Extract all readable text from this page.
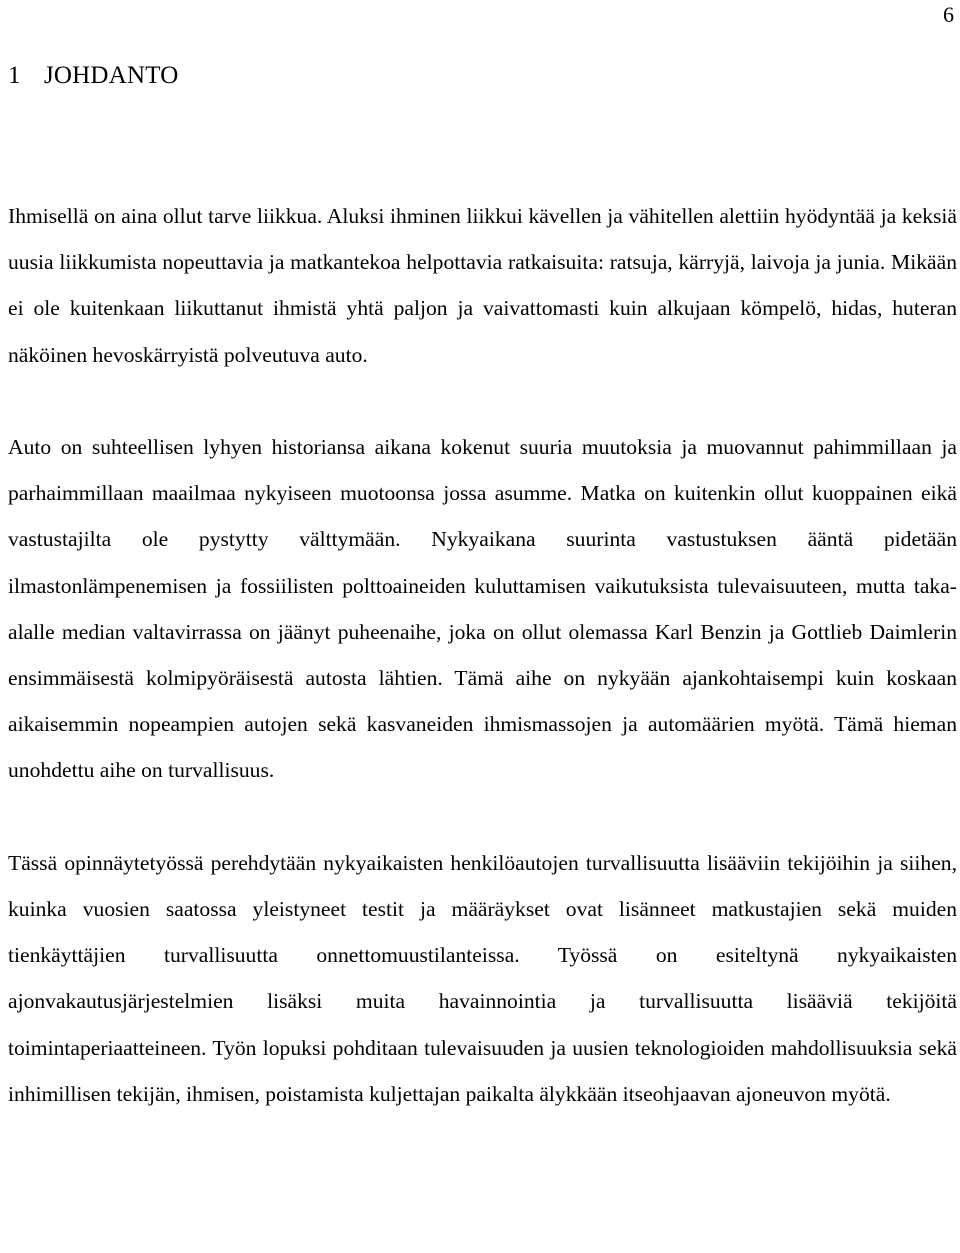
6
1 JOHDANTO

Ihmisellä on aina ollut tarve liikkua. Aluksi ihminen liikkui kävellen ja vähitellen alettiin hyödyntää ja keksiä uusia liikkumista nopeuttavia ja matkantekoa helpottavia ratkaisuita: ratsuja, kärryjä, laivoja ja junia. Mikään ei ole kuitenkaan liikuttanut ihmistä yhtä paljon ja vaivattomasti kuin alkujaan kömpelö, hidas, huteran näköinen hevoskärryistä polveutuva auto.

Auto on suhteellisen lyhyen historiansa aikana kokenut suuria muutoksia ja muovannut pahimmillaan ja parhaimmillaan maailmaa nykyiseen muotoonsa jossa asumme. Matka on kuitenkin ollut kuoppainen eikä vastustajilta ole pystytty välttymään. Nykyaikana suurinta vastustuksen ääntä pidetään ilmastonlämpenemisen ja fossiilisten polttoaineiden kuluttamisen vaikutuksista tulevaisuuteen, mutta taka-alalle median valtavirrassa on jäänyt puheenaihe, joka on ollut olemassa Karl Benzin ja Gottlieb Daimlerin ensimmäisestä kolmipyöräisestä autosta lähtien. Tämä aihe on nykyään ajankohtaisempi kuin koskaan aikaisemmin nopeampien autojen sekä kasvaneiden ihmismassojen ja automäärien myötä. Tämä hieman unohdettu aihe on turvallisuus.

Tässä opinnäytetyössä perehdytään nykyaikaisten henkilöautojen turvallisuutta lisääviin tekijöihin ja siihen, kuinka vuosien saatossa yleistyneet testit ja määräykset ovat lisänneet matkustajien sekä muiden tienkäyttäjien turvallisuutta onnettomuustilanteissa. Työssä on esiteltynä nykyaikaisten ajonvakautusjärjestelmien lisäksi muita havainnointia ja turvallisuutta lisääviä tekijöitä toimintaperiaatteineen. Työn lopuksi pohditaan tulevaisuuden ja uusien teknologioiden mahdollisuuksia sekä inhimillisen tekijän, ihmisen, poistamista kuljettajan paikalta älykkään itseohjaavan ajoneuvon myötä.
